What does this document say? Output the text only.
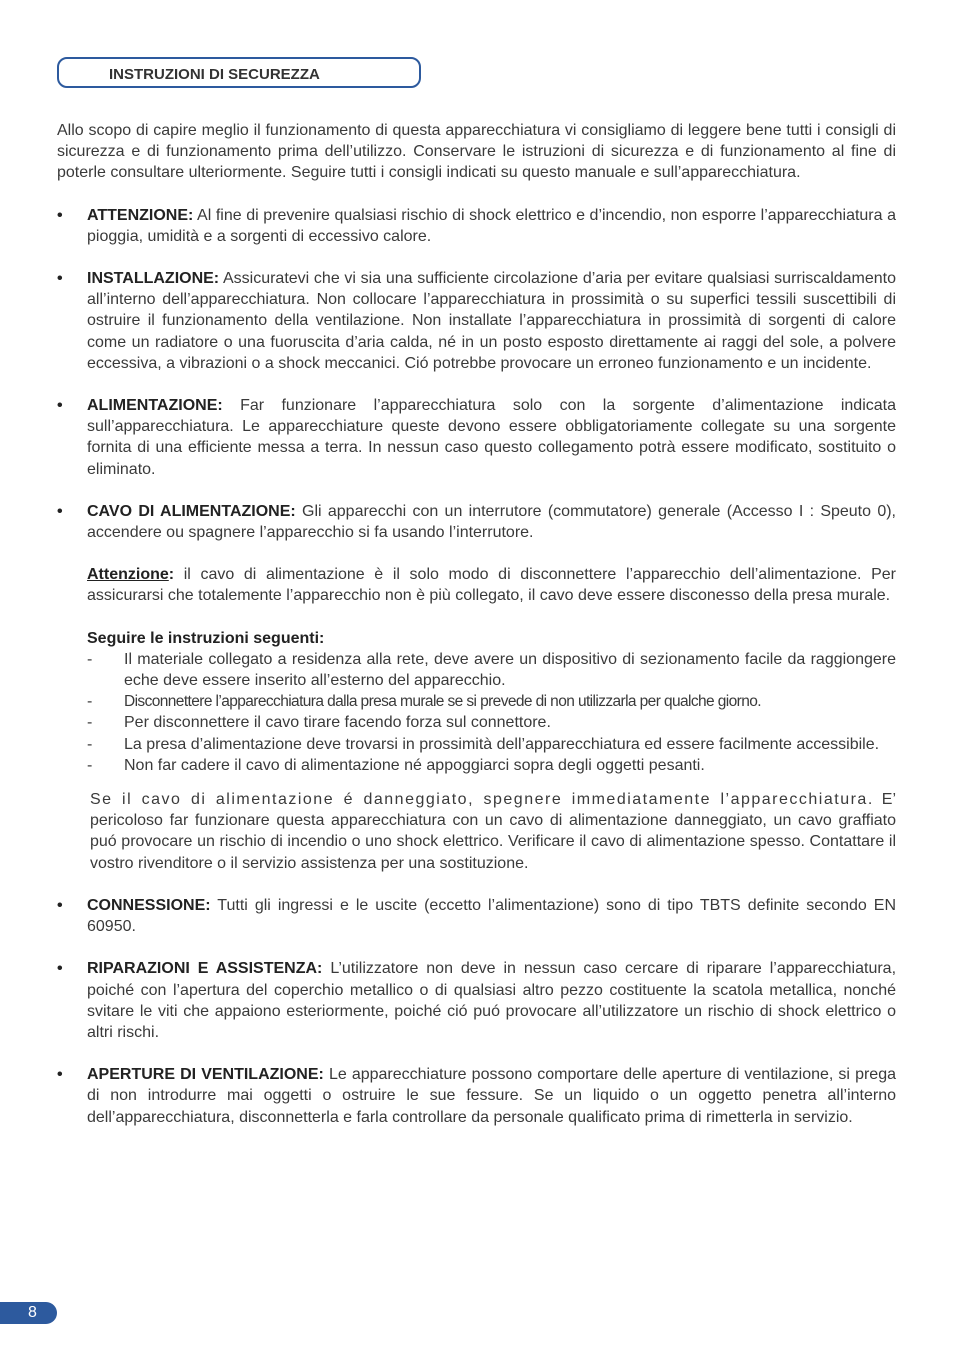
INSTRUZIONI DI SECUREZZA

Allo scopo di capire meglio il funzionamento di questa apparecchiatura vi consigliamo di leggere bene tutti i consigli di sicurezza e di funzionamento prima dell’utilizzo. Conservare le istruzioni di sicurezza e di funzionamento al fine di poterle consultare ulteriormente. Seguire tutti i consigli indicati su questo manuale e sull’apparecchiatura.

• ATTENZIONE: Al fine di prevenire qualsiasi rischio di shock elettrico e d’incendio, non esporre l’apparecchiatura a pioggia, umidità e a sorgenti di eccessivo calore.

• INSTALLAZIONE: Assicuratevi che vi sia una sufficiente circolazione d’aria per evitare qualsiasi surriscaldamento all’interno dell’apparecchiatura. Non collocare l’apparecchiatura in prossimità o su superfici tessili suscettibili di ostruire il funzionamento della ventilazione. Non installate l’apparecchiatura in prossimità di sorgenti di calore come un radiatore o una fuoruscita d’aria calda, né in un posto esposto direttamente ai raggi del sole, a polvere eccessiva, a vibrazioni o a shock meccanici. Ció potrebbe provocare un erroneo funzionamento e un incidente.

• ALIMENTAZIONE: Far funzionare l’apparecchiatura solo con la sorgente d’alimentazione indicata sull’apparecchiatura. Le apparecchiature queste devono essere obbligatoriamente collegate su una sorgente fornita di una efficiente messa a terra. In nessun caso questo collegamento potrà essere modificato, sostituito o eliminato.

• CAVO DI ALIMENTAZIONE: Gli apparecchi con un interrutore (commutatore) generale (Accesso I : Speuto 0), accendere ou spagnere l’apparecchio si fa usando l’interrutore.

Attenzione: il cavo di alimentazione è il solo modo di disconnettere l’apparecchio dell’alimentazione. Per assicurarsi che totalemente l’apparecchio non è più collegato, il cavo deve essere disconesso della presa murale.

Seguire le instruzioni seguenti:

- Il materiale collegato a residenza alla rete, deve avere un dispositivo di sezionamento facile da raggiongere eche deve essere inserito all’esterno del apparecchio.
- Disconnettere l’apparecchiatura dalla presa murale se si prevede di non utilizzarla per qualche giorno.
- Per disconnettere il cavo tirare facendo forza sul connettore.
- La presa d’alimentazione deve trovarsi in prossimità dell’apparecchiatura ed essere facilmente accessibile.
- Non far cadere il cavo di alimentazione né appoggiarci sopra degli oggetti pesanti.

Se il cavo di alimentazione é danneggiato, spegnere immediatamente l’apparecchiatura. E’ pericoloso far funzionare questa apparecchiatura con un cavo di alimentazione danneggiato, un cavo graffiato puó provocare un rischio di incendio o uno shock elettrico. Verificare il cavo di alimentazione spesso. Contattare il vostro rivenditore o il servizio assistenza per una sostituzione.

• CONNESSIONE: Tutti gli ingressi e le uscite (eccetto l’alimentazione) sono di tipo TBTS definite secondo EN 60950.

• RIPARAZIONI E ASSISTENZA: L’utilizzatore non deve in nessun caso cercare di riparare l’apparecchiatura, poiché con l’apertura del coperchio metallico o di qualsiasi altro pezzo costituente la scatola metallica, nonché svitare le viti che appaiono esteriormente, poiché ció puó provocare all’utilizzatore un rischio di shock elettrico o altri rischi.

• APERTURE DI VENTILAZIONE: Le apparecchiature possono comportare delle aperture di ventilazione, si prega di non introdurre mai oggetti o ostruire le sue fessure. Se un liquido o un oggetto penetra all’interno dell’apparecchiatura, disconnetterla e farla controllare da personale qualificato prima di rimetterla in servizio.

8
